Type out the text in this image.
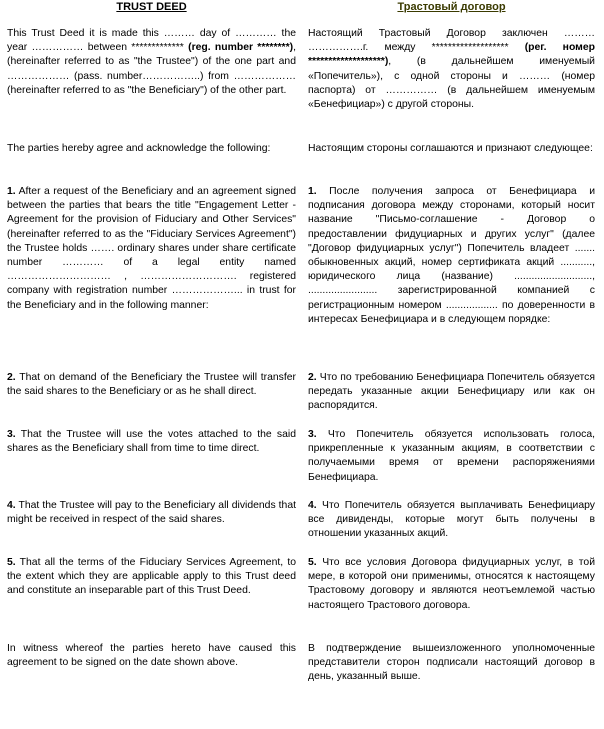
TRUST DEED

This Trust Deed it is made this ……… day of ………… the year …………… between ************* (reg. number ********), (hereinafter referred to as "the Trustee") of the one part and ……………… (pass. number……………..) from ……………… (hereinafter referred to as "the Beneficiary") of the other part.

The parties hereby agree and acknowledge the following:

1. After a request of the Beneficiary and an agreement signed between the parties that bears the title "Engagement Letter - Agreement for the provision of Fiduciary and Other Services" (hereinafter referred to as the "Fiduciary Services Agreement") the Trustee holds ……. ordinary shares under share certificate number ………… of a legal entity named ………………………… , ………………………. registered company with registration number ………………... in trust for the Beneficiary and in the following manner:

2. That on demand of the Beneficiary the Trustee will transfer the said shares to the Beneficiary or as he shall direct.

3. That the Trustee will use the votes attached to the said shares as the Beneficiary shall from time to time direct.

4. That the Trustee will pay to the Beneficiary all dividends that might be received in respect of the said shares.

5. That all the terms of the Fiduciary Services Agreement, to the extent which they are applicable apply to this Trust deed and constitute an inseparable part of this Trust Deed.

In witness whereof the parties hereto have caused this agreement to be signed on the date shown above.

Трастовый договор

Настоящий Трастовый Договор заключен ……… …………….г. между ******************* (рег. номер *******************), (в дальнейшем именуемый «Попечитель»), с одной стороны и ……… (номер паспорта) от …………… (в дальнейшем именуемым «Бенефициар») с другой стороны.

Настоящим стороны соглашаются и признают следующее:

1. После получения запроса от Бенефициара и подписания договора между сторонами, который носит название "Письмо-соглашение - Договор о предоставлении фидуциарных и других услуг" (далее "Договор фидуциарных услуг") Попечитель владеет ....... обыкновенных акций, номер сертификата акций ..........., юридического лица (название) ..........................., ........................ зарегистрированной компанией с регистрационным номером .................. по доверенности в интересах Бенефициара и в следующем порядке:

2. Что по требованию Бенефициара Попечитель обязуется передать указанные акции Бенефициару или как он распорядится.

3. Что Попечитель обязуется использовать голоса, прикрепленные к указанным акциям, в соответствии с получаемыми время от времени распоряжениями Бенефициара.

4. Что Попечитель обязуется выплачивать Бенефициару все дивиденды, которые могут быть получены в отношении указанных акций.

5. Что все условия Договора фидуциарных услуг, в той мере, в которой они применимы, относятся к настоящему Трастовому договору и являются неотъемлемой частью настоящего Трастового договора.

В подтверждение вышеизложенного уполномоченные представители сторон подписали настоящий договор в день, указанный выше.
